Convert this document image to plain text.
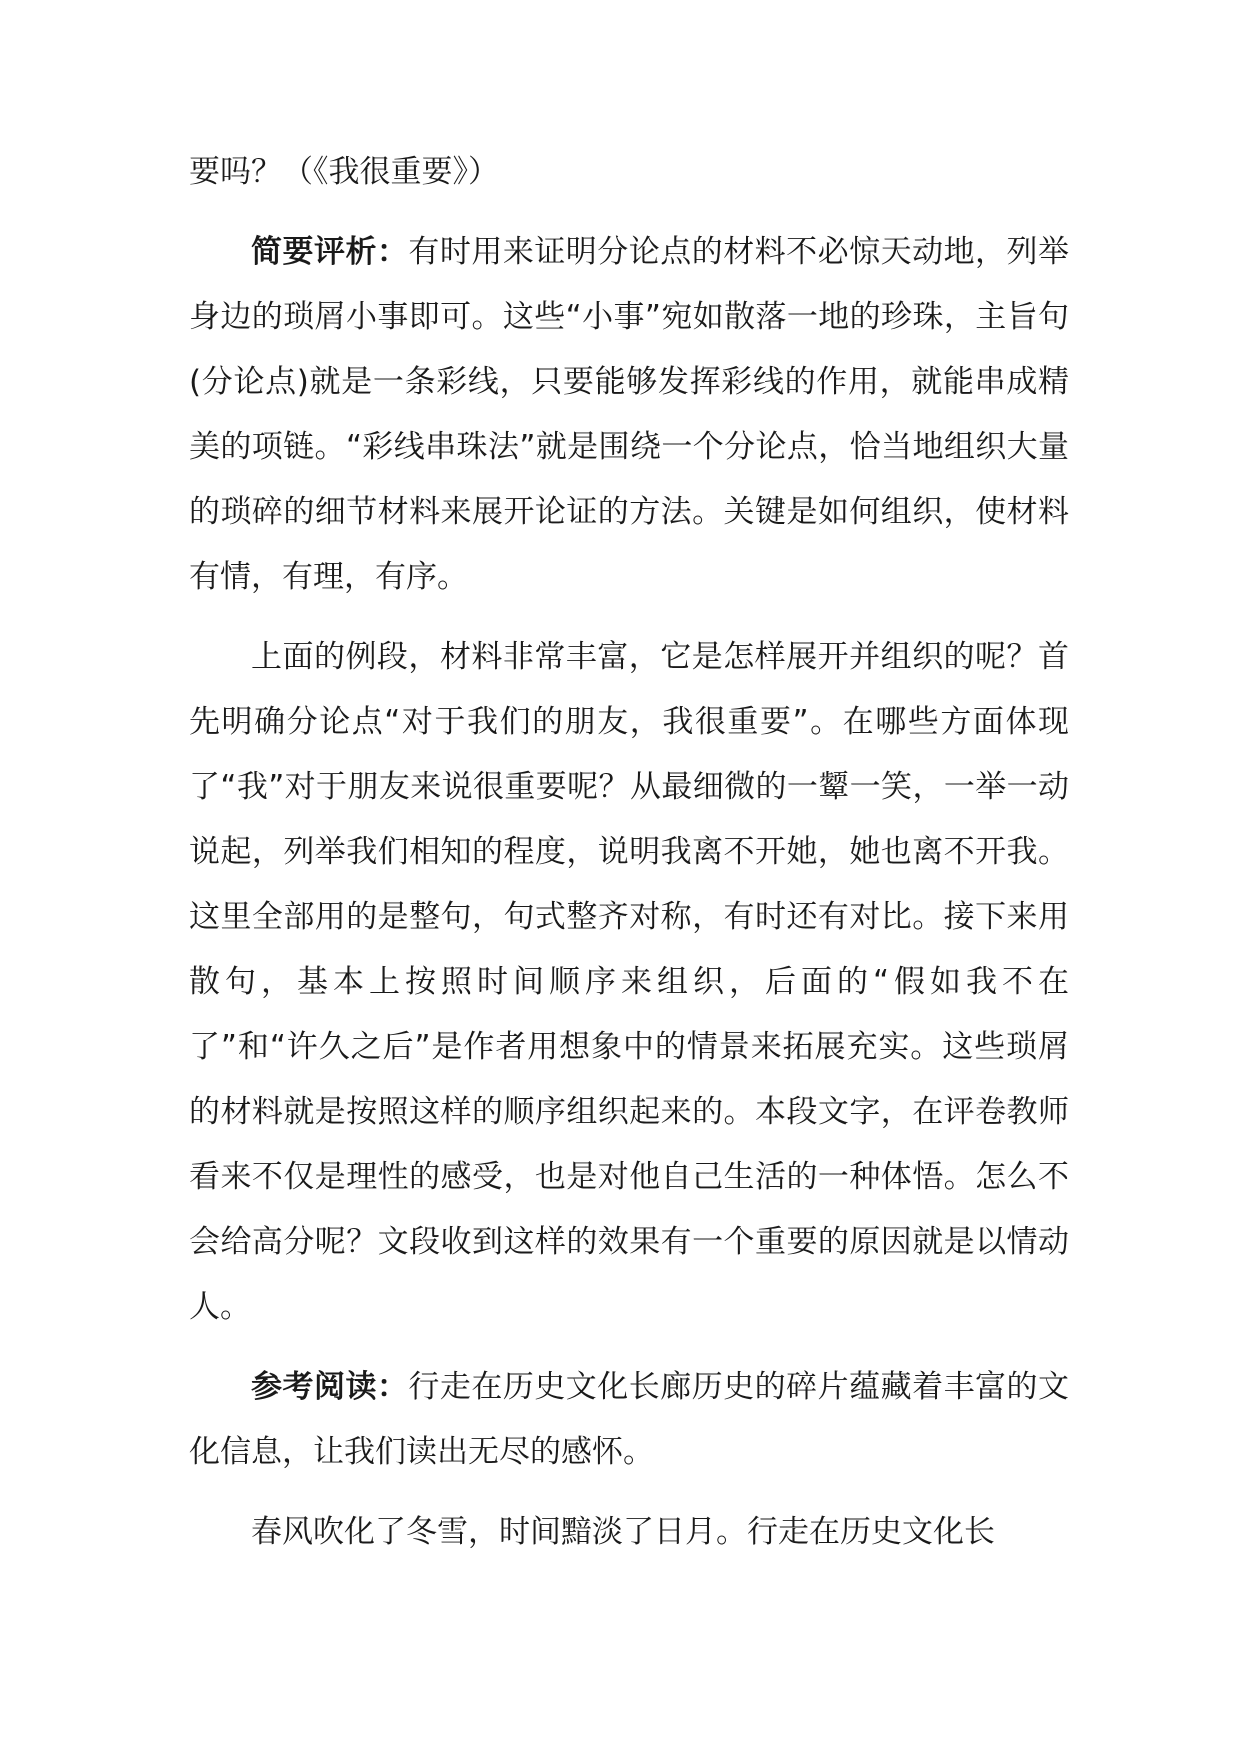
要吗？（《我很重要》）

简要评析：有时用来证明分论点的材料不必惊天动地，列举身边的琐屑小事即可。这些“小事”宛如散落一地的珍珠，主旨句(分论点)就是一条彩线，只要能够发挥彩线的作用，就能串成精美的项链。“彩线串珠法”就是围绕一个分论点，恰当地组织大量的琐碎的细节材料来展开论证的方法。关键是如何组织，使材料有情，有理，有序。

上面的例段，材料非常丰富，它是怎样展开并组织的呢？首先明确分论点“对于我们的朋友，我很重要”。在哪些方面体现了“我”对于朋友来说很重要呢？从最细微的一颦一笑，一举一动说起，列举我们相知的程度，说明我离不开她，她也离不开我。这里全部用的是整句，句式整齐对称，有时还有对比。接下来用散句，基本上按照时间顺序来组织，后面的“假如我不在了”和“许久之后”是作者用想象中的情景来拓展充实。这些琐屑的材料就是按照这样的顺序组织起来的。本段文字，在评卷教师看来不仅是理性的感受，也是对他自己生活的一种体悟。怎么不会给高分呢？文段收到这样的效果有一个重要的原因就是以情动人。

参考阅读：行走在历史文化长廊历史的碎片蕴藏着丰富的文化信息，让我们读出无尽的感怀。

春风吹化了冬雪，时间黯淡了日月。行走在历史文化长
